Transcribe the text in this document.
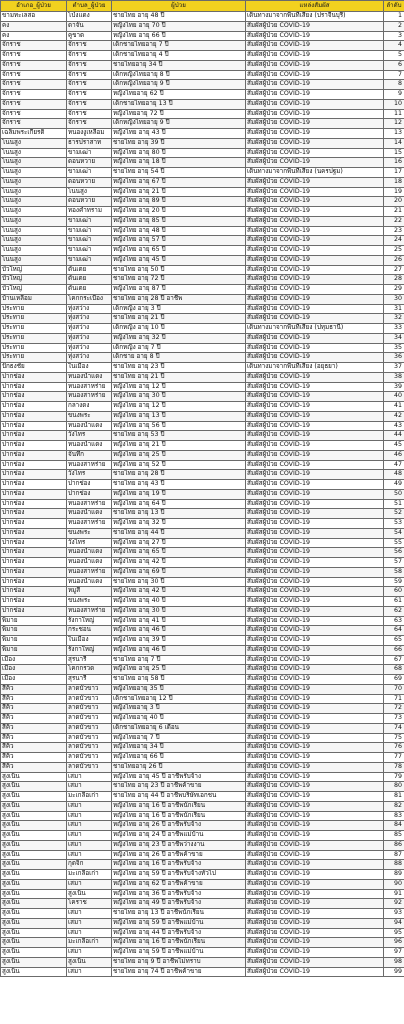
อำเภอ_ผู้ป่วย	ตำบล_ผู้ป่วย	ผู้ป่วย	แหล่งสัมผัส	ลำดับ
ขามทะเลสอ	โป่งแดง	ชายไทย อายุ 48 ปี	เดินทางมาจากพื้นที่เสี่ยง (ปราจีนบุรี)	1
คง	ดาจัน	หญิงไทย อายุ 70 ปี	สัมผัสผู้ป่วย COVID-19	2
คง	คูขาด	หญิงไทย อายุ 66 ปี	สัมผัสผู้ป่วย COVID-19	3
จักราช	จักราช	เด็กชายไทยอายุ 7 ปี	สัมผัสผู้ป่วย COVID-19	4
จักราช	จักราช	เด็กชายไทยอายุ 4 ปี	สัมผัสผู้ป่วย COVID-19	5
จักราช	จักราช	ชายไทยอายุ 34 ปี	สัมผัสผู้ป่วย COVID-19	6
จักราช	จักราช	เด็กหญิงไทยอายุ 8 ปี	สัมผัสผู้ป่วย COVID-19	7
จักราช	จักราช	เด็กหญิงไทยอายุ 9 ปี	สัมผัสผู้ป่วย COVID-19	8
จักราช	จักราช	หญิงไทยอายุ 62 ปี	สัมผัสผู้ป่วย COVID-19	9
จักราช	จักราช	เด็กชายไทยอายุ 13 ปี	สัมผัสผู้ป่วย COVID-19	10
จักราช	จักราช	หญิงไทยอายุ 72 ปี	สัมผัสผู้ป่วย COVID-19	11
จักราช	จักราช	เด็กหญิงไทยอายุ 9 ปี	สัมผัสผู้ป่วย COVID-19	12
เฉลิมพระเกียรติ	หนองงูเหลือม	หญิงไทย อายุ 43 ปี	สัมผัสผู้ป่วย COVID-19	13
โนนสูง	ธารปราสาท	ชายไทย อายุ 39 ปี	สัมผัสผู้ป่วย COVID-19	14
โนนสูง	ขามเฒ่า	หญิงไทย อายุ 80 ปี	สัมผัสผู้ป่วย COVID-19	15
โนนสูง	ดอนหวาย	หญิงไทย อายุ 18 ปี	สัมผัสผู้ป่วย COVID-19	16
โนนสูง	ขามเฒ่า	ชายไทย อายุ 54 ปี	เดินทางมาจากพื้นที่เสี่ยง (นครปฐม)	17
โนนสูง	ดอนหวาย	หญิงไทย อายุ 67 ปี	สัมผัสผู้ป่วย COVID-19	18
โนนสูง	โนนสูง	หญิงไทย อายุ 21 ปี	สัมผัสผู้ป่วย COVID-19	19
โนนสูง	ดอนหวาย	หญิงไทย อายุ 89 ปี	สัมผัสผู้ป่วย COVID-19	20
โนนสูง	ทองคำทราม	หญิงไทย อายุ 20 ปี	สัมผัสผู้ป่วย COVID-19	21
โนนสูง	ขามเฒ่า	หญิงไทย อายุ 85 ปี	สัมผัสผู้ป่วย COVID-19	22
โนนสูง	ขามเฒ่า	หญิงไทย อายุ 48 ปี	สัมผัสผู้ป่วย COVID-19	23
โนนสูง	ขามเฒ่า	หญิงไทย อายุ 57 ปี	สัมผัสผู้ป่วย COVID-19	24
โนนสูง	ขามเฒ่า	หญิงไทย อายุ 65 ปี	สัมผัสผู้ป่วย COVID-19	25
โนนสูง	ขามเฒ่า	หญิงไทย อายุ 45 ปี	สัมผัสผู้ป่วย COVID-19	26
บัวใหญ่	ดันเตย	ชายไทย อายุ 50 ปี	สัมผัสผู้ป่วย COVID-19	27
บัวใหญ่	ดันเตย	ชายไทย อายุ 72 ปี	สัมผัสผู้ป่วย COVID-19	28
บัวใหญ่	ดันเตย	หญิงไทย อายุ 87 ปี	สัมผัสผู้ป่วย COVID-19	29
บ้านเหลื่อม	โคกกระเบื้อง	ชายไทย อายุ 28 ปี อาชีพ	สัมผัสผู้ป่วย COVID-19	30
ประทาย	ทุ่งสว่าง	เด็กหญิง อายุ 3 ปี	สัมผัสผู้ป่วย COVID-19	31
ประทาย	ทุ่งสว่าง	ชายไทย อายุ 21 ปี	สัมผัสผู้ป่วย COVID-19	32
ประทาย	ทุ่งสว่าง	เด็กหญิง อายุ 10 ปี	เดินทางมาจากพื้นที่เสี่ยง (ปทุมธานี)	33
ประทาย	ทุ่งสว่าง	หญิงไทย อายุ 32 ปี	สัมผัสผู้ป่วย COVID-19	34
ประทาย	ทุ่งสว่าง	เด็กหญิง อายุ 7 ปี	สัมผัสผู้ป่วย COVID-19	35
ประทาย	ทุ่งสว่าง	เด็กชาย อายุ 8 ปี	สัมผัสผู้ป่วย COVID-19	36
ปักธงชัย	ในเมือง	ชายไทย อายุ 23 ปี	เดินทางมาจากพื้นที่เสี่ยง (อยุธยา)	37
ปากช่อง	หนองน้ำแดง	ชายไทย อายุ 21 ปี	สัมผัสผู้ป่วย COVID-19	38
ปากช่อง	หนองสาหร่าย	หญิงไทย อายุ 12 ปี	สัมผัสผู้ป่วย COVID-19	39
ปากช่อง	หนองสาหร่าย	หญิงไทย อายุ 30 ปี	สัมผัสผู้ป่วย COVID-19	40
ปากช่อง	กลางดง	หญิงไทย อายุ 12 ปี	สัมผัสผู้ป่วย COVID-19	41
ปากช่อง	ขนงพระ	หญิงไทย อายุ 13 ปี	สัมผัสผู้ป่วย COVID-19	42
ปากช่อง	หนองน้ำแดง	หญิงไทย อายุ 56 ปี	สัมผัสผู้ป่วย COVID-19	43
ปากช่อง	วังไทร	ชายไทย อายุ 53 ปี	สัมผัสผู้ป่วย COVID-19	44
ปากช่อง	หนองน้ำแดง	หญิงไทย อายุ 21 ปี	สัมผัสผู้ป่วย COVID-19	45
ปากช่อง	จันทึก	หญิงไทย อายุ 25 ปี	สัมผัสผู้ป่วย COVID-19	46
ปากช่อง	หนองสาหร่าย	หญิงไทย อายุ 52 ปี	สัมผัสผู้ป่วย COVID-19	47
ปากช่อง	วังไทร	ชายไทย อายุ 28 ปี	สัมผัสผู้ป่วย COVID-19	48
ปากช่อง	ปากช่อง	ชายไทย อายุ 43 ปี	สัมผัสผู้ป่วย COVID-19	49
ปากช่อง	ปากช่อง	หญิงไทย อายุ 19 ปี	สัมผัสผู้ป่วย COVID-19	50
ปากช่อง	หนองสาหร่าย	หญิงไทย อายุ 64 ปี	สัมผัสผู้ป่วย COVID-19	51
ปากช่อง	หนองน้ำแดง	ชายไทย อายุ 13 ปี	สัมผัสผู้ป่วย COVID-19	52
ปากช่อง	หนองสาหร่าย	หญิงไทย อายุ 32 ปี	สัมผัสผู้ป่วย COVID-19	53
ปากช่อง	ขนงพระ	ชายไทย อายุ 44 ปี	สัมผัสผู้ป่วย COVID-19	54
ปากช่อง	วังไทร	หญิงไทย อายุ 27 ปี	สัมผัสผู้ป่วย COVID-19	55
ปากช่อง	หนองน้ำแดง	หญิงไทย อายุ 65 ปี	สัมผัสผู้ป่วย COVID-19	56
ปากช่อง	หนองน้ำแดง	หญิงไทย อายุ 42 ปี	สัมผัสผู้ป่วย COVID-19	57
ปากช่อง	หนองสาหร่าย	หญิงไทย อายุ 69 ปี	สัมผัสผู้ป่วย COVID-19	58
ปากช่อง	หนองน้ำแดง	ชายไทย อายุ 30 ปี	สัมผัสผู้ป่วย COVID-19	59
ปากช่อง	หมูสี	หญิงไทย อายุ 42 ปี	สัมผัสผู้ป่วย COVID-19	60
ปากช่อง	ขนงพระ	หญิงไทย อายุ 40 ปี	สัมผัสผู้ป่วย COVID-19	61
ปากช่อง	หนองสาหร่าย	หญิงไทย อายุ 30 ปี	สัมผัสผู้ป่วย COVID-19	62
พิมาย	รังกาใหญ่	หญิงไทย อายุ 41 ปี	สัมผัสผู้ป่วย COVID-19	63
พิมาย	กระชอน	หญิงไทย อายุ 46 ปี	สัมผัสผู้ป่วย COVID-19	64
พิมาย	ในเมือง	หญิงไทย อายุ 39 ปี	สัมผัสผู้ป่วย COVID-19	65
พิมาย	รังกาใหญ่	หญิงไทย อายุ 46 ปี	สัมผัสผู้ป่วย COVID-19	66
เมือง	สุรนารี	ชายไทย อายุ 7 ปี	สัมผัสผู้ป่วย COVID-19	67
เมือง	โคกกรวด	หญิงไทย อายุ 25 ปี	สัมผัสผู้ป่วย COVID-19	68
เมือง	สุรนารี	ชายไทย อายุ 58 ปี	สัมผัสผู้ป่วย COVID-19	69
สีคิ้ว	ลาดบัวขาว	หญิงไทยอายุ 35 ปี	สัมผัสผู้ป่วย COVID-19	70
สีคิ้ว	ลาดบัวขาว	เด็กชายไทยอายุ 12 ปี	สัมผัสผู้ป่วย COVID-19	71
สีคิ้ว	ลาดบัวขาว	หญิงไทยอายุ 3 ปี	สัมผัสผู้ป่วย COVID-19	72
สีคิ้ว	ลาดบัวขาว	หญิงไทยอายุ 40 ปี	สัมผัสผู้ป่วย COVID-19	73
สีคิ้ว	ลาดบัวขาว	เด็กชายไทยอายุ 6 เดือน	สัมผัสผู้ป่วย COVID-19	74
สีคิ้ว	ลาดบัวขาว	หญิงไทยอายุ 7 ปี	สัมผัสผู้ป่วย COVID-19	75
สีคิ้ว	ลาดบัวขาว	หญิงไทยอายุ 34 ปี	สัมผัสผู้ป่วย COVID-19	76
สีคิ้ว	ลาดบัวขาว	หญิงไทยอายุ 66 ปี	สัมผัสผู้ป่วย COVID-19	77
สีคิ้ว	ลาดบัวขาว	ชายไทยอายุ 26 ปี	สัมผัสผู้ป่วย COVID-19	78
สูงเนิน	เสมา	หญิงไทย อายุ 45 ปี อาชีพรับจ้าง	สัมผัสผู้ป่วย COVID-19	79
สูงเนิน	เสมา	ชายไทย อายุ 23 ปี อาชีพค้าขาย	สัมผัสผู้ป่วย COVID-19	80
สูงเนิน	มะเกลือเก่า	ชายไทย อายุ 44 ปี อาชีพบริษัทเอกชน	สัมผัสผู้ป่วย COVID-19	81
สูงเนิน	เสมา	หญิงไทย อายุ 16 ปี อาชีพนักเรียน	สัมผัสผู้ป่วย COVID-19	82
สูงเนิน	เสมา	หญิงไทย อายุ 16 ปี อาชีพนักเรียน	สัมผัสผู้ป่วย COVID-19	83
สูงเนิน	เสมา	หญิงไทย อายุ 26 ปี อาชีพรับจ้าง	สัมผัสผู้ป่วย COVID-19	84
สูงเนิน	เสมา	หญิงไทย อายุ 24 ปี อาชีพแม่บ้าน	สัมผัสผู้ป่วย COVID-19	85
สูงเนิน	เสมา	หญิงไทย อายุ 23 ปี อาชีพว่างงาน	สัมผัสผู้ป่วย COVID-19	86
สูงเนิน	เสมา	หญิงไทย อายุ 26 ปี อาชีพค้าขาย	สัมผัสผู้ป่วย COVID-19	87
สูงเนิน	กุดจิก	หญิงไทย อายุ 16 ปี อาชีพรับจ้าง	สัมผัสผู้ป่วย COVID-19	88
สูงเนิน	มะเกลือเก่า	หญิงไทย อายุ 59 ปี อาชีพรับจ้างทั่วไป	สัมผัสผู้ป่วย COVID-19	89
สูงเนิน	เสมา	หญิงไทย อายุ 62 ปี อาชีพค้าขาย	สัมผัสผู้ป่วย COVID-19	90
สูงเนิน	สูงเนิน	หญิงไทย อายุ 36 ปี อาชีพรับจ้าง	สัมผัสผู้ป่วย COVID-19	91
สูงเนิน	โคราช	หญิงไทย อายุ 49 ปี อาชีพรับจ้าง	สัมผัสผู้ป่วย COVID-19	92
สูงเนิน	เสมา	ชายไทย อายุ 13 ปี อาชีพนักเรียน	สัมผัสผู้ป่วย COVID-19	93
สูงเนิน	เสมา	หญิงไทย อายุ 59 ปี อาชีพแม่บ้าน	สัมผัสผู้ป่วย COVID-19	94
สูงเนิน	เสมา	หญิงไทย อายุ 44 ปี อาชีพรับจ้าง	สัมผัสผู้ป่วย COVID-19	95
สูงเนิน	มะเกลือเก่า	หญิงไทย อายุ 16 ปี อาชีพนักเรียน	สัมผัสผู้ป่วย COVID-19	96
สูงเนิน	เสมา	หญิงไทย อายุ 59 ปี อาชีพแม่บ้าน	สัมผัสผู้ป่วย COVID-19	97
สูงเนิน	สูงเนิน	ชายไทย อายุ 9 ปี อาชีพไม่ทราบ	สัมผัสผู้ป่วย COVID-19	98
สูงเนิน	เสมา	ชายไทย อายุ 74 ปี อาชีพค้าขาย	สัมผัสผู้ป่วย COVID-19	99
